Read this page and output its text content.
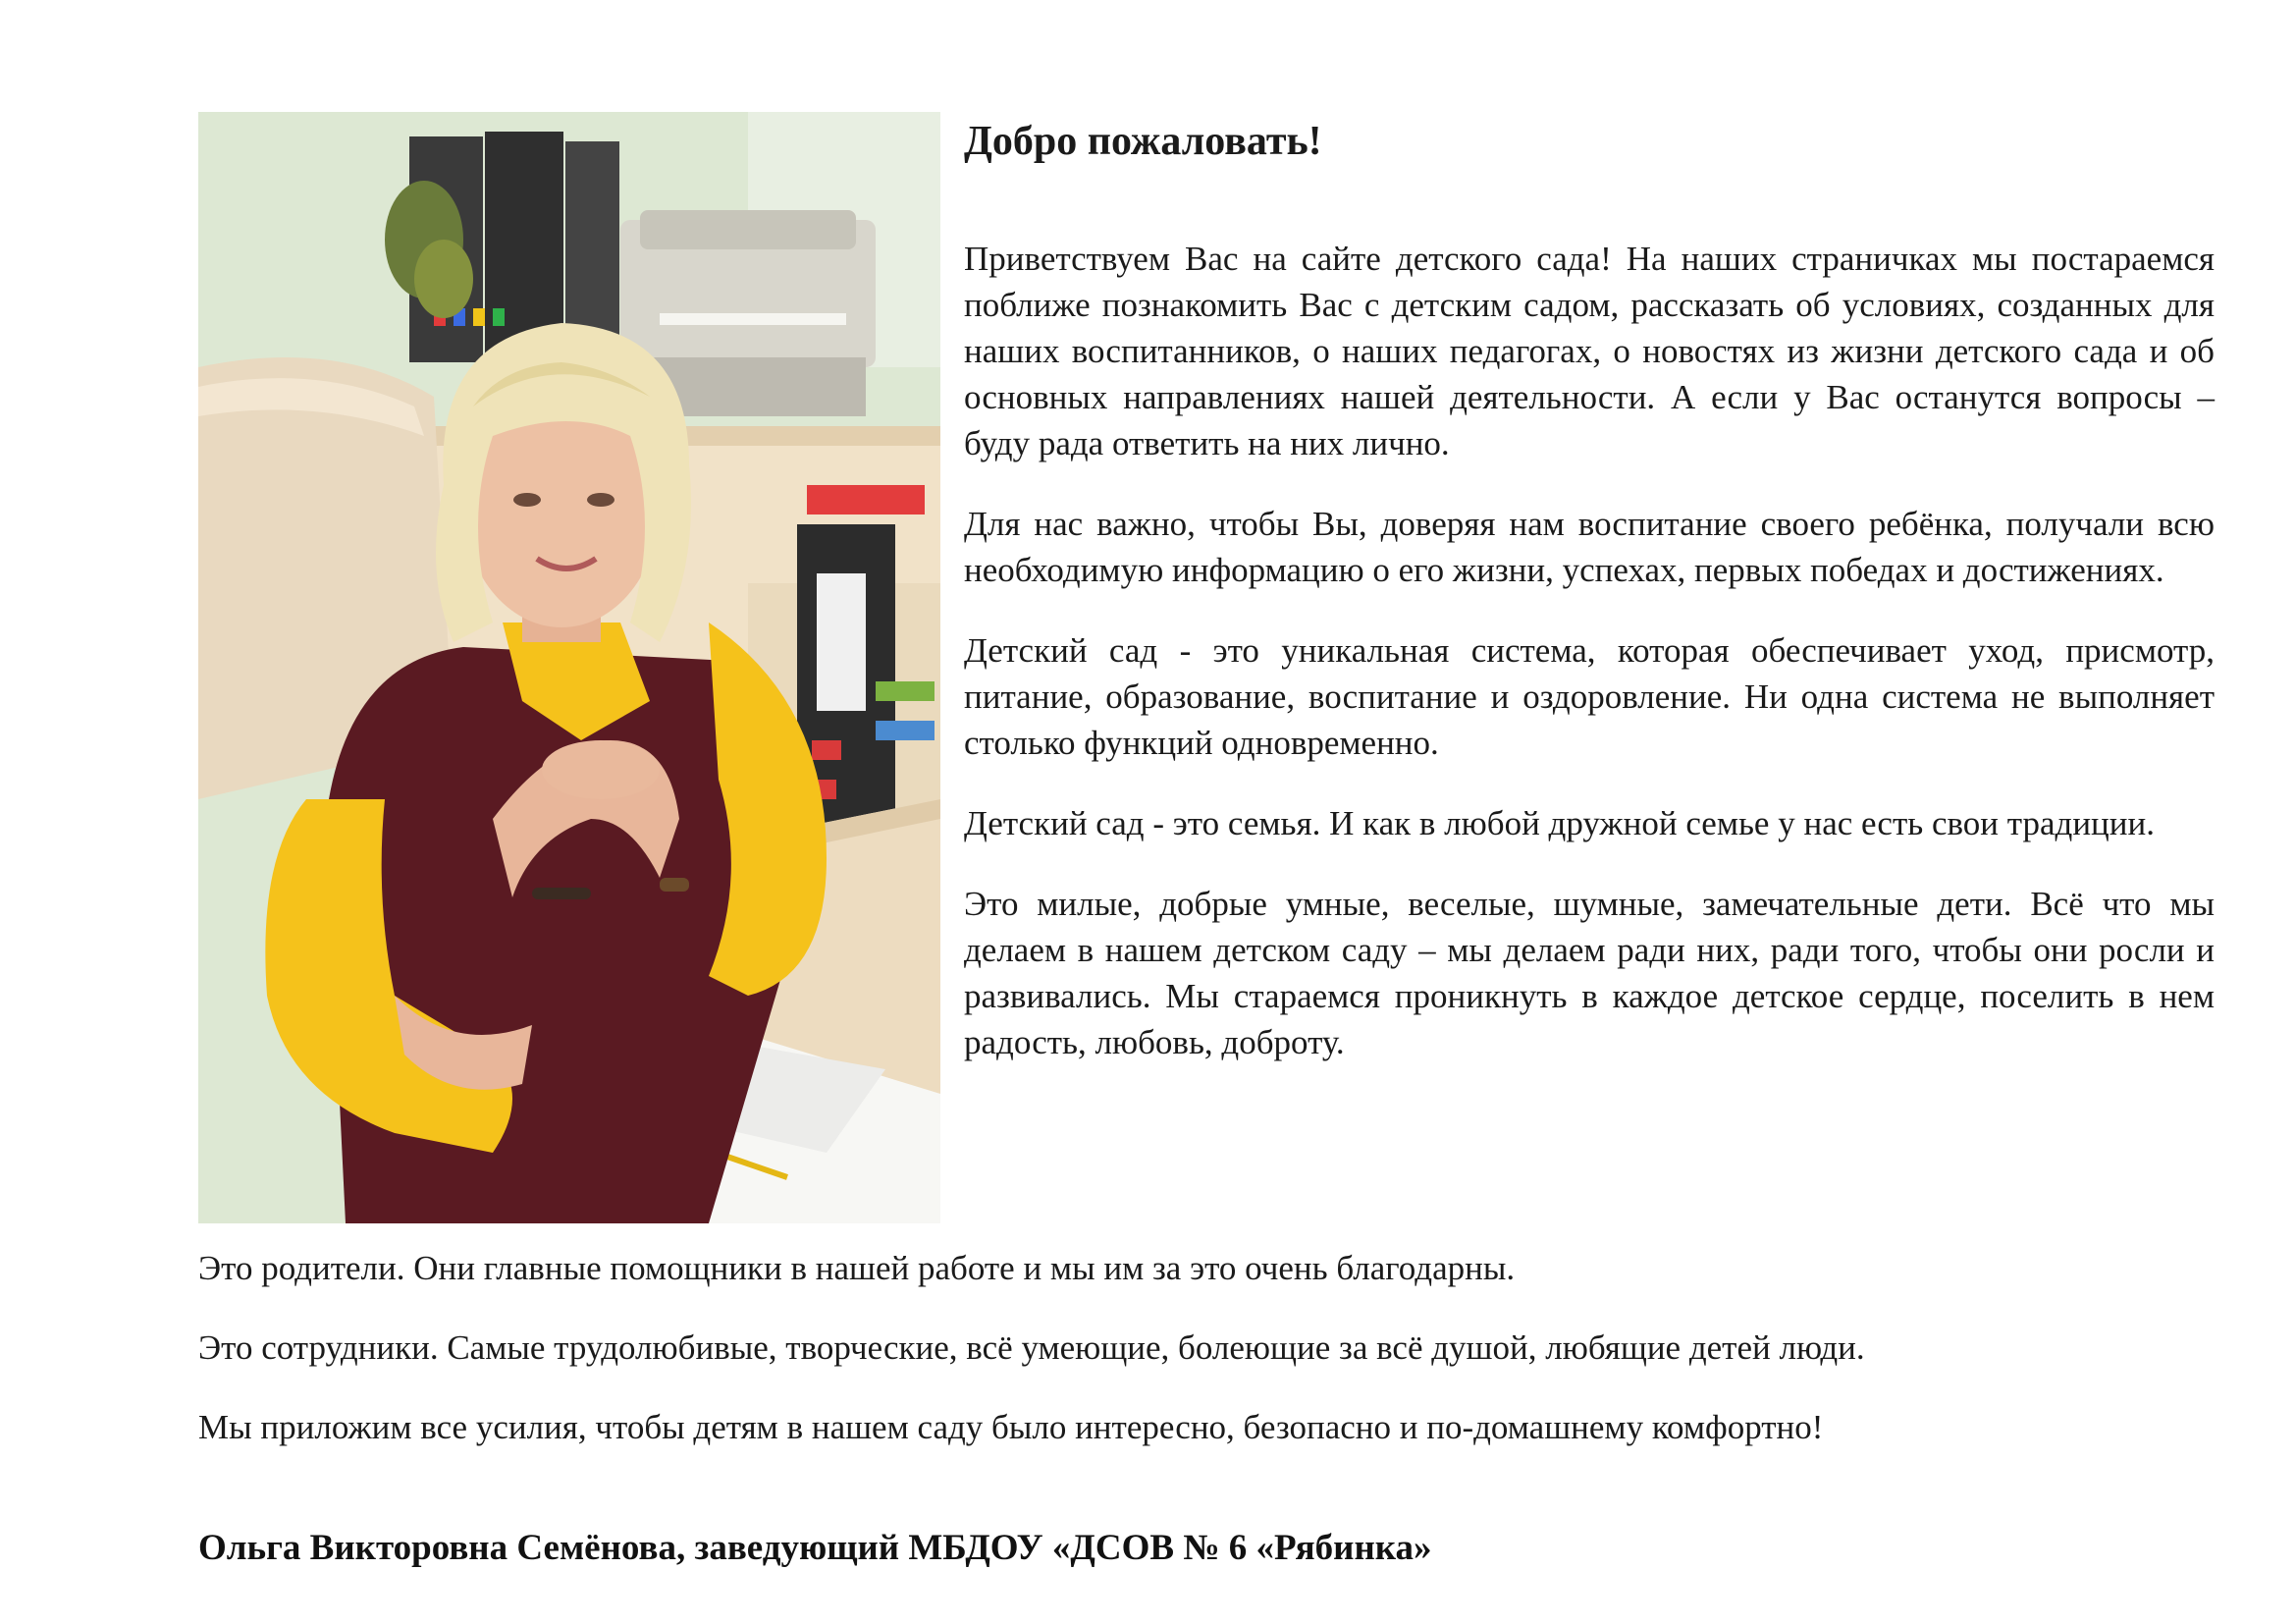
Добро пожаловать!

Приветствуем Вас на сайте детского сада! На наших страничках мы постараемся поближе познакомить Вас с детским садом, рассказать об условиях, созданных для наших воспитанников, о наших педагогах, о новостях из жизни детского сада и об основных направлениях нашей деятельности. А если у Вас останутся вопросы – буду рада ответить на них лично.

Для нас важно, чтобы Вы, доверяя нам воспитание своего ребёнка, получали всю необходимую информацию о его жизни, успехах, первых победах и достижениях.

Детский сад - это уникальная система, которая обеспечивает уход, присмотр, питание, образование, воспитание и оздоровление. Ни одна система не выполняет столько функций одновременно.

Детский сад - это семья. И как в любой дружной семье у нас есть свои традиции.

Это милые, добрые умные, веселые, шумные, замечательные дети. Всё что мы делаем в нашем детском саду – мы делаем ради них, ради того, чтобы они росли и развивались. Мы стараемся проникнуть в каждое детское сердце, поселить в нем радость, любовь, доброту.

Это родители. Они главные помощники в нашей работе и мы им за это очень благодарны.

Это сотрудники. Самые трудолюбивые, творческие, всё умеющие, болеющие за всё душой, любящие детей люди.

Мы приложим все усилия, чтобы детям в нашем саду было интересно, безопасно и по-домашнему комфортно!

Ольга Викторовна Семёнова, заведующий МБДОУ «ДСОВ № 6 «Рябинка»
